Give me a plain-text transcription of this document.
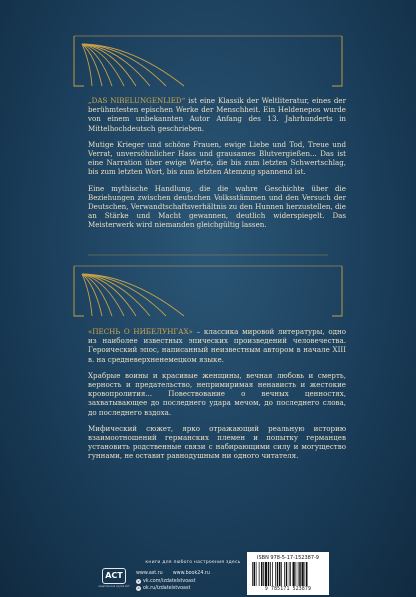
„DAS NIBELUNGENLIED“ ist eine Klassik der Weltliteratur, eines der berühmtesten epischen Werke der Menschheit. Ein Heldenepos wurde von einem unbekannten Autor Anfang des 13. Jahrhunderts in Mittelhochdeutsch geschrieben.

Mutige Krieger und schöne Frauen, ewige Liebe und Tod, Treue und Verrat, unversöhnlicher Hass und grausames Blutvergießen... Das ist eine Narration über ewige Werte, die bis zum letzten Schwertschlag, bis zum letzten Wort, bis zum letzten Atemzug spannend ist.

Eine mythische Handlung, die die wahre Geschichte über die Beziehungen zwischen deutschen Volksstämmen und den Versuch der Deutschen, Verwandtschaftsverhältnis zu den Hunnen herzustellen, die an Stärke und Macht gewannen, deutlich widerspiegelt. Das Meisterwerk wird niemanden gleichgültig lassen.

«ПЕСНЬ О НИБЕЛУНГАХ» – классика мировой литературы, одно из наиболее известных эпических произведений человечества. Героический эпос, написанный неизвестным автором в начале XIII в. на средневерхненемецком языке.

Храбрые воины и красивые женщины, вечная любовь и смерть, верность и предательство, непримиримая ненависть и жестокие кровопролития... Повествование о вечных ценностях, захватывающее до последнего удара мечом, до последнего слова, до последнего вздоха.

Мифический сюжет, ярко отражающий реальную историю взаимоотношений германских племен и попытку германцев установить родственные связи с набирающими силу и могущество гуннами, не оставит равнодушным ни одного читателя.

книги для любого настроения здесь
ACT
издательская группа АСТ
www.ast.ru www.book24.ru
v vk.com/izdatelstvoast
o ok.ru/izdatelstvoast
ISBN 978-5-17-152387-9
9 785171 523879
